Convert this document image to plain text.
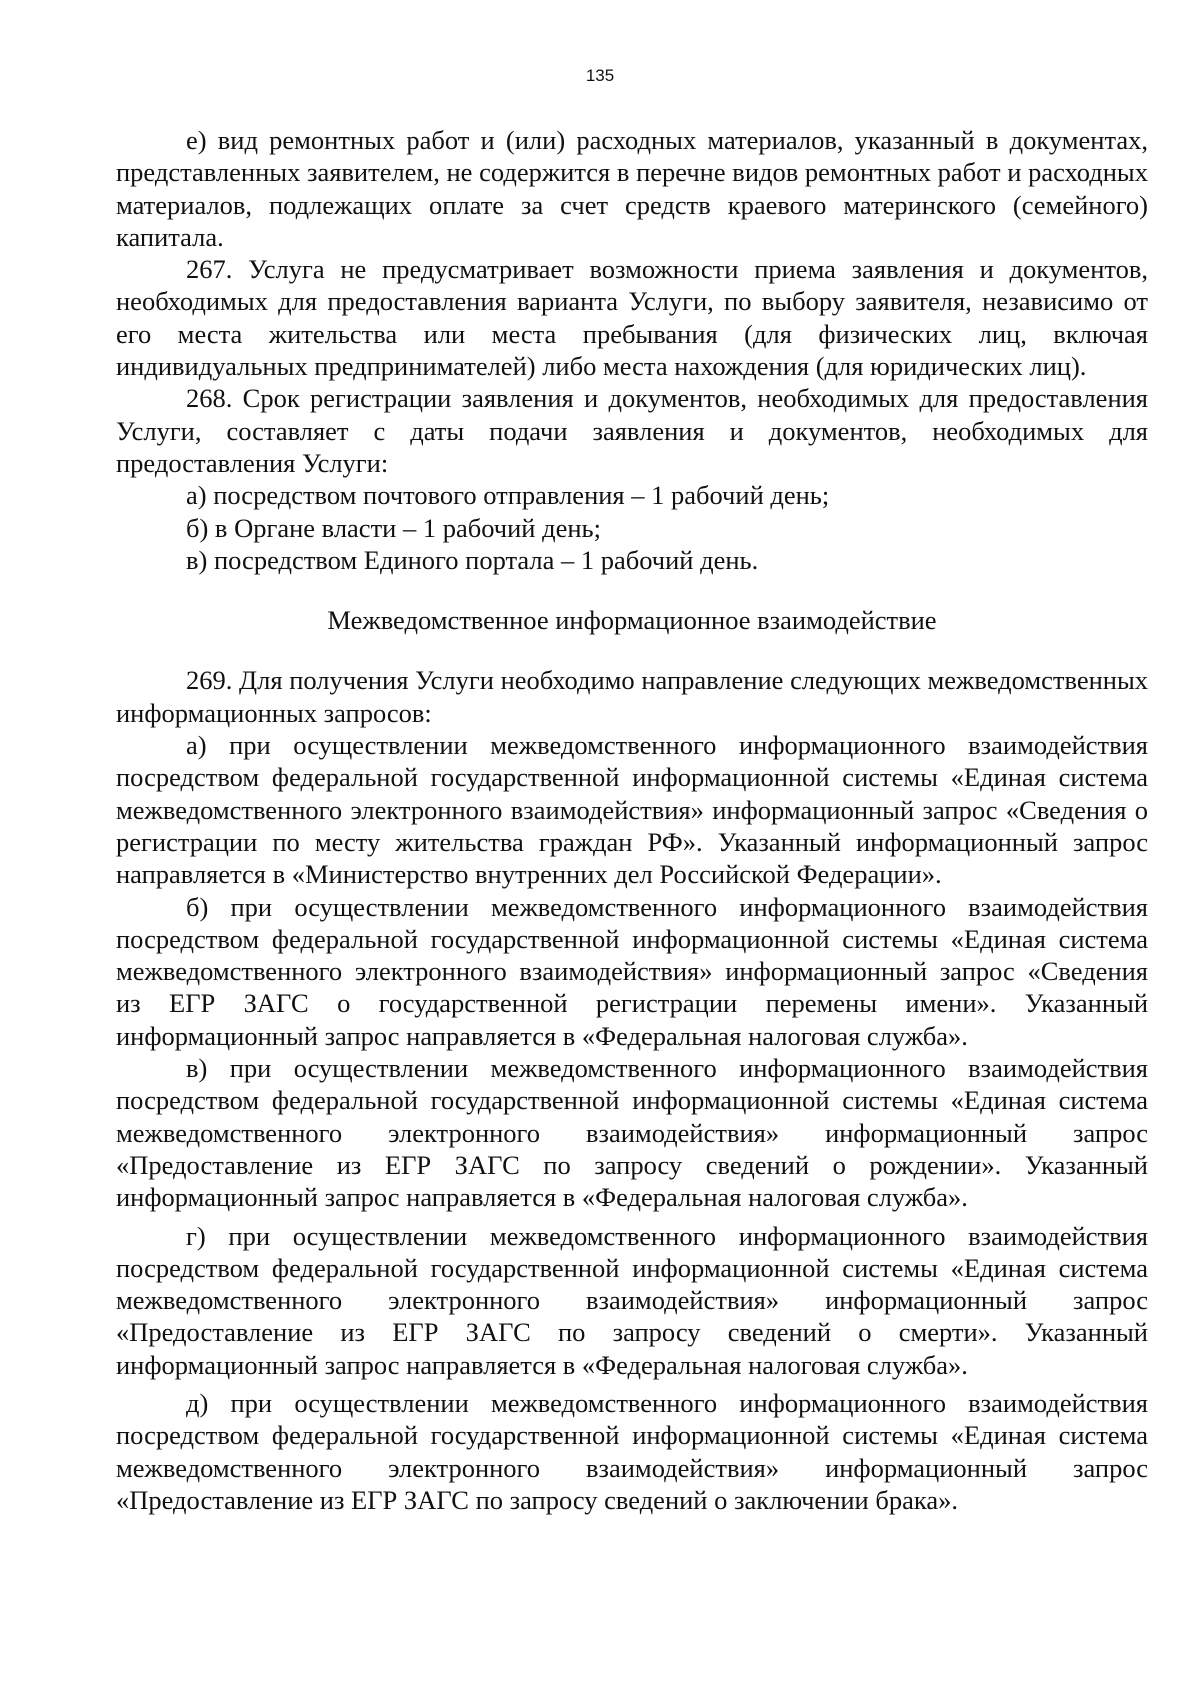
135

е) вид ремонтных работ и (или) расходных материалов, указанный в документах, представленных заявителем, не содержится в перечне видов ремонтных работ и расходных материалов, подлежащих оплате за счет средств краевого материнского (семейного) капитала.

267. Услуга не предусматривает возможности приема заявления и документов, необходимых для предоставления варианта Услуги, по выбору заявителя, независимо от его места жительства или места пребывания (для физических лиц, включая индивидуальных предпринимателей) либо места нахождения (для юридических лиц).

268. Срок регистрации заявления и документов, необходимых для предоставления Услуги, составляет с даты подачи заявления и документов, необходимых для предоставления Услуги:

а) посредством почтового отправления – 1 рабочий день;

б) в Органе власти – 1 рабочий день;

в) посредством Единого портала – 1 рабочий день.

Межведомственное информационное взаимодействие

269. Для получения Услуги необходимо направление следующих межведомственных информационных запросов:

а) при осуществлении межведомственного информационного взаимодействия посредством федеральной государственной информационной системы «Единая система межведомственного электронного взаимодействия» информационный запрос «Сведения о регистрации по месту жительства граждан РФ». Указанный информационный запрос направляется в «Министерство внутренних дел Российской Федерации».

б) при осуществлении межведомственного информационного взаимодействия посредством федеральной государственной информационной системы «Единая система межведомственного электронного взаимодействия» информационный запрос «Сведения из ЕГР ЗАГС о государственной регистрации перемены имени». Указанный информационный запрос направляется в «Федеральная налоговая служба».

в) при осуществлении межведомственного информационного взаимодействия посредством федеральной государственной информационной системы «Единая система межведомственного электронного взаимодействия» информационный запрос «Предоставление из ЕГР ЗАГС по запросу сведений о рождении». Указанный информационный запрос направляется в «Федеральная налоговая служба».

г) при осуществлении межведомственного информационного взаимодействия посредством федеральной государственной информационной системы «Единая система межведомственного электронного взаимодействия» информационный запрос «Предоставление из ЕГР ЗАГС по запросу сведений о смерти». Указанный информационный запрос направляется в «Федеральная налоговая служба».

д) при осуществлении межведомственного информационного взаимодействия посредством федеральной государственной информационной системы «Единая система межведомственного электронного взаимодействия» информационный запрос «Предоставление из ЕГР ЗАГС по запросу сведений о заключении брака».
